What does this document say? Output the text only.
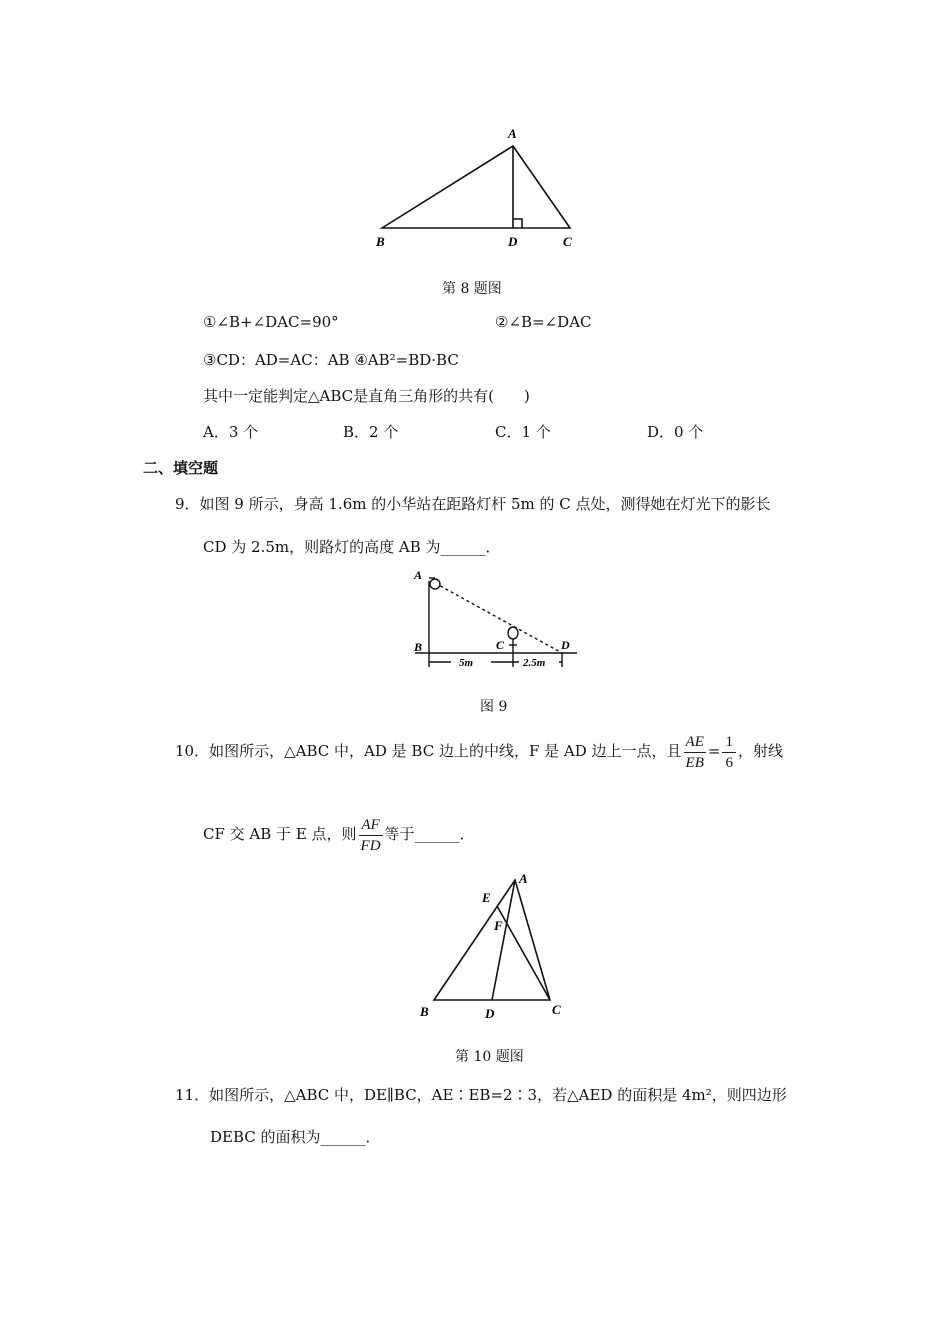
A
B	D	C
第 8 题图
①∠B+∠DAC=90°	②∠B=∠DAC
③CD：AD=AC：AB ④AB²=BD·BC
其中一定能判定△ABC是直角三角形的共有(　　)
A．3 个	B．2 个	C．1 个	D．0 个
二、填空题
9．如图 9 所示，身高 1.6m 的小华站在距路灯杆 5m 的 C 点处，测得她在灯光下的影长
CD 为 2.5m，则路灯的高度 AB 为______．
A
B	C	D
5m	2.5m
图 9
10．如图所示，△ABC 中，AD 是 BC 边上的中线，F 是 AD 边上一点，且 $\frac{AE}{EB} = \frac{1}{6}$ ，射线
CF 交 AB 于 E 点，则 $\frac{AF}{FD}$ 等于______．
A
E
F
B	D	C
第 10 题图
11．如图所示，△ABC 中，DE∥BC，AE∶EB=2∶3，若△AED 的面积是 4m²，则四边形
DEBC 的面积为______．
